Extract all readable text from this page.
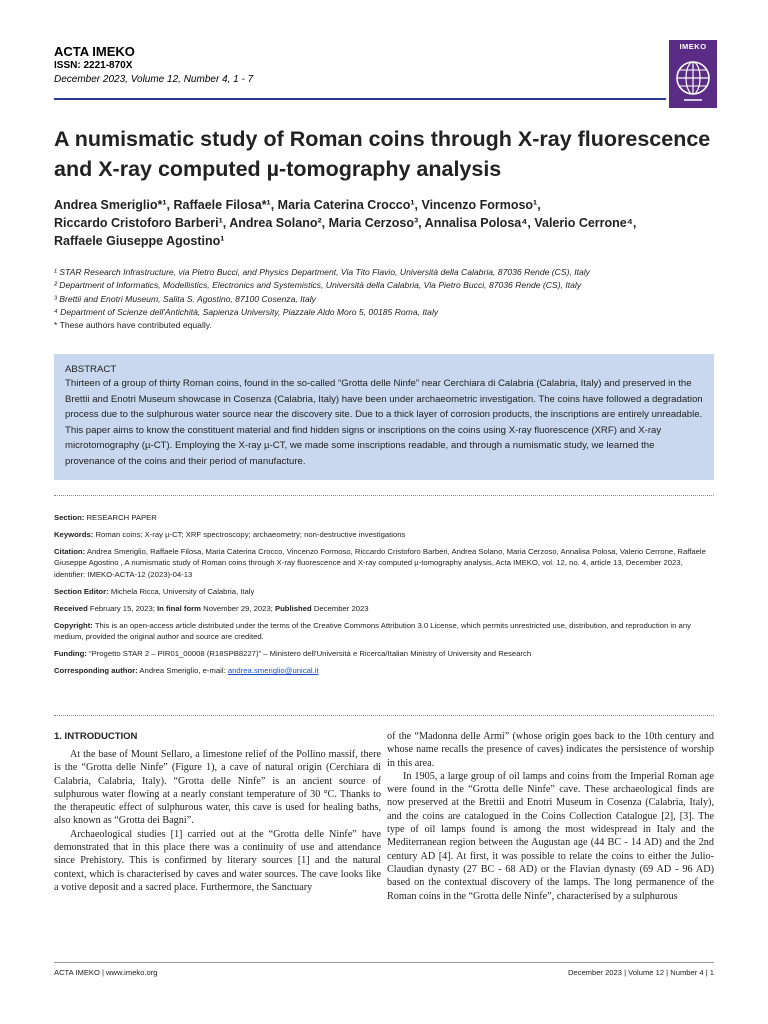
ACTA IMEKO
ISSN: 2221-870X
December 2023, Volume 12, Number 4, 1 - 7
IMEKO
A numismatic study of Roman coins through X-ray fluorescence and X-ray computed µ-tomography analysis
Andrea Smeriglio*¹, Raffaele Filosa*¹, Maria Caterina Crocco¹, Vincenzo Formoso¹,
Riccardo Cristoforo Barberi¹, Andrea Solano², Maria Cerzoso³, Annalisa Polosa⁴, Valerio Cerrone⁴,
Raffaele Giuseppe Agostino¹
¹ STAR Research Infrastructure, via Pietro Bucci, and Physics Department, Via Tito Flavio, Università della Calabria, 87036 Rende (CS), Italy
² Department of Informatics, Modellistics, Electronics and Systemistics, Università della Calabria, Via Pietro Bucci, 87036 Rende (CS), Italy
³ Brettii and Enotri Museum, Salita S. Agostino, 87100 Cosenza, Italy
⁴ Department of Scienze dell'Antichità, Sapienza University, Piazzale Aldo Moro 5, 00185 Roma, Italy
* These authors have contributed equally.
ABSTRACT
Thirteen of a group of thirty Roman coins, found in the so-called “Grotta delle Ninfe” near Cerchiara di Calabria (Calabria, Italy) and preserved in the Brettii and Enotri Museum showcase in Cosenza (Calabria, Italy) have been under archaeometric investigation. The coins have followed a degradation process due to the sulphurous water source near the discovery site. Due to a thick layer of corrosion products, the inscriptions are entirely unreadable. This paper aims to know the constituent material and find hidden signs or inscriptions on the coins using X-ray fluorescence (XRF) and X-ray microtomography (µ-CT). Employing the X-ray µ-CT, we made some inscriptions readable, and through a numismatic study, we learned the provenance of the coins and their period of manufacture.

Section: RESEARCH PAPER

Keywords: Roman coins; X-ray µ-CT; XRF spectroscopy; archaeometry; non-destructive investigations

Citation: Andrea Smeriglio, Raffaele Filosa, Maria Caterina Crocco, Vincenzo Formoso, Riccardo Cristoforo Barberi, Andrea Solano, Maria Cerzoso, Annalisa Polosa, Valerio Cerrone, Raffaele Giuseppe Agostino , A numismatic study of Roman coins through X-ray fluorescence and X-ray computed µ-tomography analysis, Acta IMEKO, vol. 12, no. 4, article 13, December 2023, identifier: IMEKO-ACTA-12 (2023)-04-13

Section Editor: Michela Ricca, University of Calabria, Italy

Received February 15, 2023; In final form November 29, 2023; Published December 2023

Copyright: This is an open-access article distributed under the terms of the Creative Commons Attribution 3.0 License, which permits unrestricted use, distribution, and reproduction in any medium, provided the original author and source are credited.

Funding: “Progetto STAR 2 – PIR01_00008 (R18SPB8227)” – Ministero dell’Università e Ricerca/Italian Ministry of University and Research

Corresponding author: Andrea Smeriglio, e-mail: andrea.smeriglio@unical.it

1. INTRODUCTION

At the base of Mount Sellaro, a limestone relief of the Pollino massif, there is the “Grotta delle Ninfe” (Figure 1), a cave of natural origin (Cerchiara di Calabria, Calabria, Italy). “Grotta delle Ninfe” is an ancient source of sulphurous water flowing at a nearly constant temperature of 30 °C. Thanks to the therapeutic effect of sulphurous water, this cave is used for healing baths, also known as “Grotta dei Bagni”.

Archaeological studies [1] carried out at the “Grotta delle Ninfe” have demonstrated that in this place there was a continuity of use and attendance since Prehistory. This is confirmed by literary sources [1] and the natural context, which is characterised by caves and water sources. The cave looks like a votive deposit and a sacred place. Furthermore, the Sanctuary

of the “Madonna delle Armi” (whose origin goes back to the 10th century and whose name recalls the presence of caves) indicates the persistence of worship in this area.

In 1905, a large group of oil lamps and coins from the Imperial Roman age were found in the “Grotta delle Ninfe” cave. These archaeological finds are now preserved at the Brettii and Enotri Museum in Cosenza (Calabria, Italy), and the coins are catalogued in the Coins Collection Catalogue [2], [3]. The type of oil lamps found is among the most widespread in Italy and the Mediterranean region between the Augustan age (44 BC - 14 AD) and the 2nd century AD [4]. At first, it was possible to relate the coins to either the Julio-Claudian dynasty (27 BC - 68 AD) or the Flavian dynasty (69 AD - 96 AD) based on the contextual discovery of the lamps. The long permanence of the Roman coins in the “Grotta delle Ninfe”, characterised by a sulphurous

ACTA IMEKO | www.imeko.org	December 2023 | Volume 12 | Number 4 | 1
